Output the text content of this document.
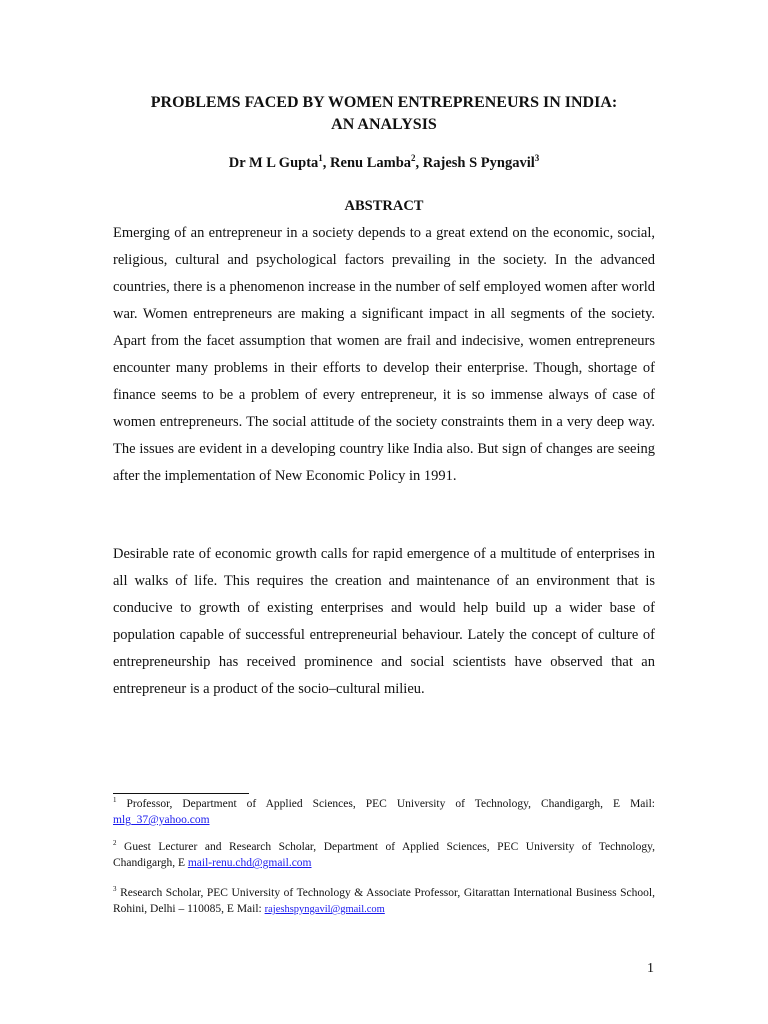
PROBLEMS FACED BY WOMEN ENTREPRENEURS IN INDIA:
AN ANALYSIS

Dr M L Gupta$^1$, Renu Lamba$^2$, Rajesh S Pyngavil$^3$

ABSTRACT

Emerging of an entrepreneur in a society depends to a great extend on the economic, social, religious, cultural and psychological factors prevailing in the society. In the advanced countries, there is a phenomenon increase in the number of self employed women after world war. Women entrepreneurs are making a significant impact in all segments of the society. Apart from the facet assumption that women are frail and indecisive, women entrepreneurs encounter many problems in their efforts to develop their enterprise. Though, shortage of finance seems to be a problem of every entrepreneur, it is so immense always of case of women entrepreneurs. The social attitude of the society constraints them in a very deep way. The issues are evident in a developing country like India also. But sign of changes are seeing after the implementation of New Economic Policy in 1991.

Desirable rate of economic growth calls for rapid emergence of a multitude of enterprises in all walks of life. This requires the creation and maintenance of an environment that is conducive to growth of existing enterprises and would help build up a wider base of population capable of successful entrepreneurial behaviour. Lately the concept of culture of entrepreneurship has received prominence and social scientists have observed that an entrepreneur is a product of the socio–cultural milieu.

$^1$ Professor, Department of Applied Sciences, PEC University of Technology, Chandigargh, E Mail: mlg_37@yahoo.com

$^2$ Guest Lecturer and Research Scholar, Department of Applied Sciences, PEC University of Technology, Chandigargh, E mail-renu.chd@gmail.com

$^3$ Research Scholar, PEC University of Technology & Associate Professor, Gitarattan International Business School, Rohini, Delhi – 110085, E Mail: rajeshspyngavil@gmail.com

1
